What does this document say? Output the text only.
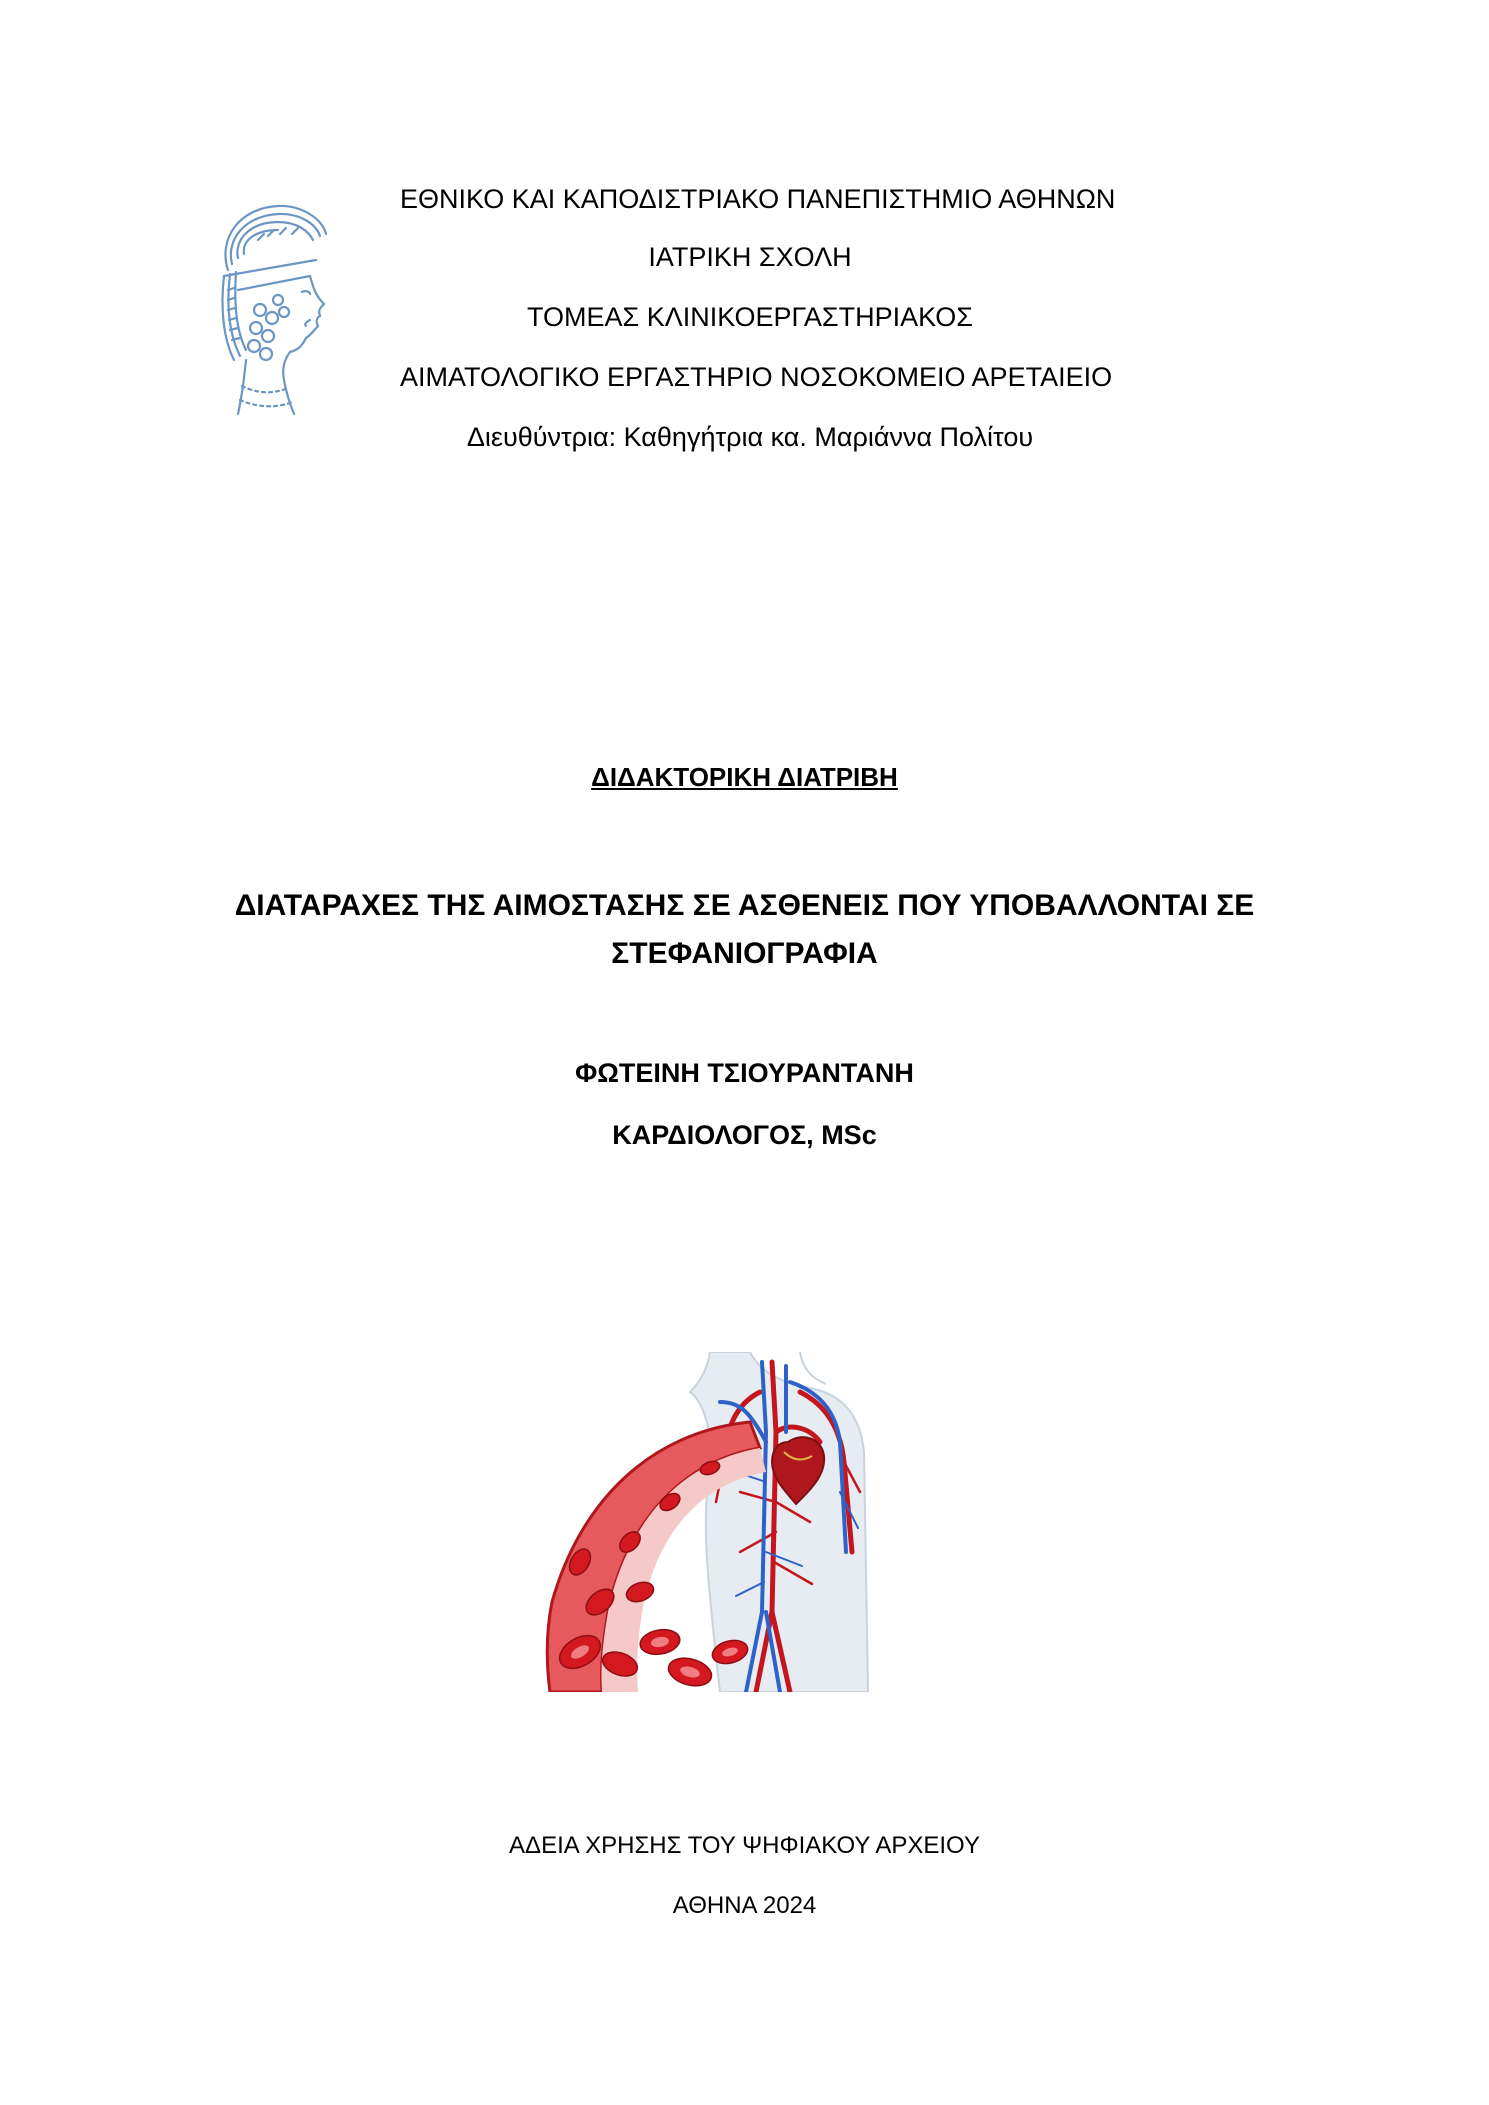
ΕΘΝΙΚΟ ΚΑΙ ΚΑΠΟΔΙΣΤΡΙΑΚΟ ΠΑΝΕΠΙΣΤΗΜΙΟ ΑΘΗΝΩΝ
ΙΑΤΡΙΚΗ ΣΧΟΛΗ
ΤΟΜΕΑΣ ΚΛΙΝΙΚΟΕΡΓΑΣΤΗΡΙΑΚΟΣ
ΑΙΜΑΤΟΛΟΓΙΚΟ ΕΡΓΑΣΤΗΡΙΟ ΝΟΣΟΚΟΜΕΙΟ ΑΡΕΤΑΙΕΙΟ
Διευθύντρια: Καθηγήτρια κα. Μαριάννα Πολίτου
ΔΙΔΑΚΤΟΡΙΚΗ ΔΙΑΤΡΙΒΗ
ΔΙΑΤΑΡΑΧΕΣ ΤΗΣ ΑΙΜΟΣΤΑΣΗΣ ΣΕ ΑΣΘΕΝΕΙΣ ΠΟΥ ΥΠΟΒΑΛΛΟΝΤΑΙ ΣΕ
ΣΤΕΦΑΝΙΟΓΡΑΦΙΑ
ΦΩΤΕΙΝΗ ΤΣΙΟΥΡΑΝΤΑΝΗ
ΚΑΡΔΙΟΛΟΓΟΣ, MSc
ΑΔΕΙΑ ΧΡΗΣΗΣ ΤΟΥ ΨΗΦΙΑΚΟΥ ΑΡΧΕΙΟΥ
ΑΘΗΝΑ 2024
